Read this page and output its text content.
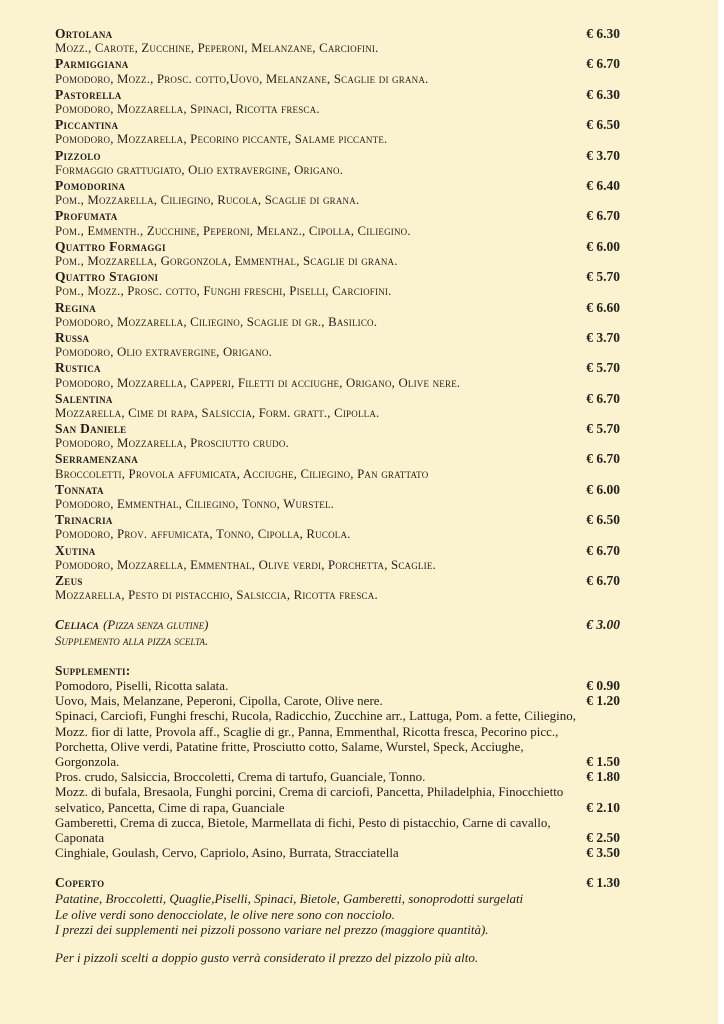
Ortolana	€ 6.30
Mozz., Carote, Zucchine, Peperoni, Melanzane, Carciofini.
Parmiggiana	€ 6.70
Pomodoro, Mozz., Prosc. cotto,Uovo, Melanzane, Scaglie di grana.
Pastorella	€ 6.30
Pomodoro, Mozzarella, Spinaci, Ricotta fresca.
Piccantina	€ 6.50
Pomodoro, Mozzarella, Pecorino piccante, Salame piccante.
Pizzolo	€ 3.70
Formaggio grattugiato, Olio extravergine, Origano.
Pomodorina	€ 6.40
Pom., Mozzarella, Ciliegino, Rucola, Scaglie di grana.
Profumata	€ 6.70
Pom., Emmenth., Zucchine, Peperoni, Melanz., Cipolla, Ciliegino.
Quattro Formaggi	€ 6.00
Pom., Mozzarella, Gorgonzola, Emmenthal, Scaglie di grana.
Quattro Stagioni	€ 5.70
Pom., Mozz., Prosc. cotto, Funghi freschi, Piselli, Carciofini.
Regina	€ 6.60
Pomodoro, Mozzarella, Ciliegino, Scaglie di gr., Basilico.
Russa	€ 3.70
Pomodoro, Olio extravergine, Origano.
Rustica	€ 5.70
Pomodoro, Mozzarella, Capperi, Filetti di acciughe, Origano, Olive nere.
Salentina	€ 6.70
Mozzarella, Cime di rapa, Salsiccia, Form. gratt., Cipolla.
San Daniele	€ 5.70
Pomodoro, Mozzarella, Prosciutto crudo.
Serramenzana	€ 6.70
Broccoletti, Provola affumicata, Acciughe, Ciliegino, Pan grattato
Tonnata	€ 6.00
Pomodoro, Emmenthal, Ciliegino, Tonno, Wurstel.
Trinacria	€ 6.50
Pomodoro, Prov. affumicata, Tonno, Cipolla, Rucola.
Xutina	€ 6.70
Pomodoro, Mozzarella, Emmenthal, Olive verdi, Porchetta, Scaglie.
Zeus	€ 6.70
Mozzarella, Pesto di pistacchio, Salsiccia, Ricotta fresca.
Celiaca (Pizza senza glutine)	€ 3.00
Supplemento alla pizza scelta.
Supplementi:
Pomodoro, Piselli, Ricotta salata.	€ 0.90
Uovo, Mais, Melanzane, Peperoni, Cipolla, Carote, Olive nere.	€ 1.20
Spinaci, Carciofi, Funghi freschi, Rucola, Radicchio, Zucchine arr., Lattuga, Pom. a fette, Ciliegino, Mozz. fior di latte, Provola aff., Scaglie di gr., Panna, Emmenthal, Ricotta fresca, Pecorino picc., Porchetta, Olive verdi, Patatine fritte, Prosciutto cotto, Salame, Wurstel, Speck, Acciughe, Gorgonzola.	€ 1.50
Pros. crudo, Salsiccia, Broccoletti, Crema di tartufo, Guanciale, Tonno.	€ 1.80
Mozz. di bufala, Bresaola, Funghi porcini, Crema di carciofi, Pancetta, Philadelphia, Finocchietto selvatico, Pancetta, Cime di rapa, Guanciale	€ 2.10
Gamberetti, Crema di zucca, Bietole, Marmellata di fichi, Pesto di pistacchio, Carne di cavallo, Caponata	€ 2.50
Cinghiale, Goulash, Cervo, Capriolo, Asino, Burrata, Stracciatella	€ 3.50
Coperto	€ 1.30

Patatine, Broccoletti, Quaglie,Piselli, Spinaci, Bietole, Gamberetti, sonoprodotti surgelati

Le olive verdi sono denocciolate, le olive nere sono con nocciolo.

I prezzi dei supplementi nei pizzoli possono variare nel prezzo (maggiore quantità).

Per i pizzoli scelti a doppio gusto verrà considerato il prezzo del pizzolo più alto.
